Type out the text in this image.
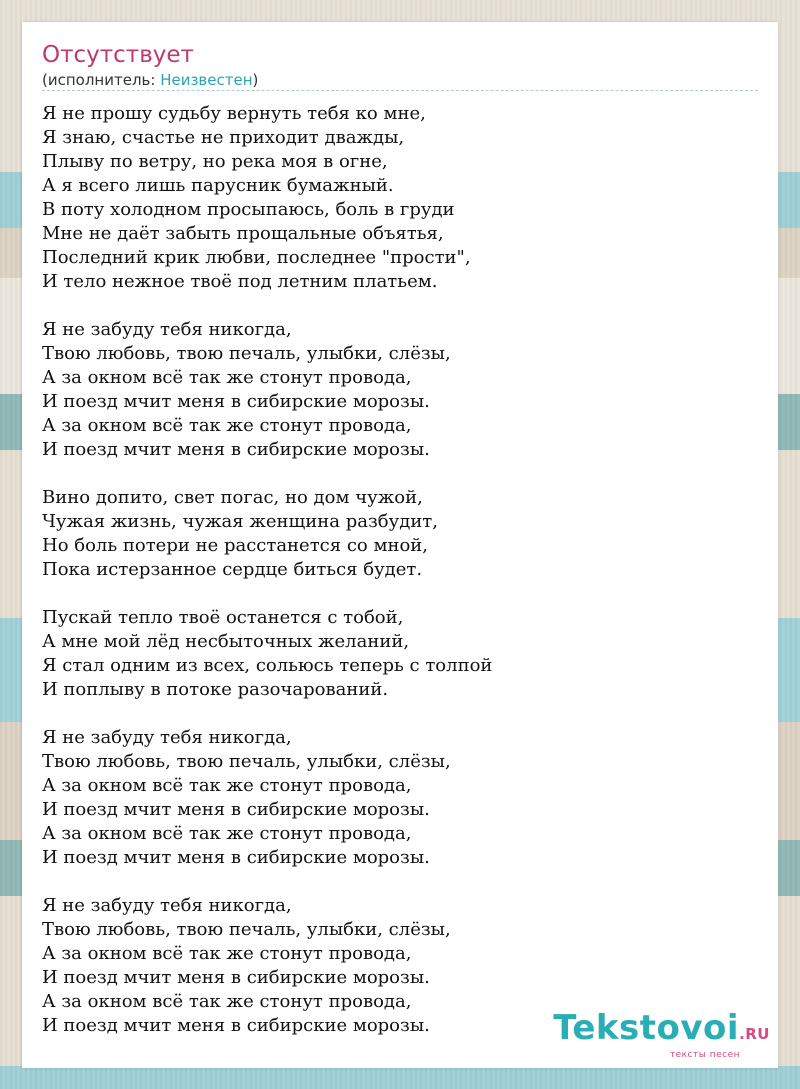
Отсутствует
(исполнитель: Неизвестен)
Я не прошу судьбу вернуть тебя ко мне,
Я знаю, счастье не приходит дважды,
Плыву по ветру, но река моя в огне,
А я всего лишь парусник бумажный.
В поту холодном просыпаюсь, боль в груди
Мне не даёт забыть прощальные объятья,
Последний крик любви, последнее "прости",
И тело нежное твоё под летним платьем.
Я не забуду тебя никогда,
Твою любовь, твою печаль, улыбки, слёзы,
А за окном всё так же стонут провода,
И поезд мчит меня в сибирские морозы.
А за окном всё так же стонут провода,
И поезд мчит меня в сибирские морозы.
Вино допито, свет погас, но дом чужой,
Чужая жизнь, чужая женщина разбудит,
Но боль потери не расстанется со мной,
Пока истерзанное сердце биться будет.
Пускай тепло твоё останется с тобой,
А мне мой лёд несбыточных желаний,
Я стал одним из всех, сольюсь теперь с толпой
И поплыву в потоке разочарований.
Я не забуду тебя никогда,
Твою любовь, твою печаль, улыбки, слёзы,
А за окном всё так же стонут провода,
И поезд мчит меня в сибирские морозы.
А за окном всё так же стонут провода,
И поезд мчит меня в сибирские морозы.
Я не забуду тебя никогда,
Твою любовь, твою печаль, улыбки, слёзы,
А за окном всё так же стонут провода,
И поезд мчит меня в сибирские морозы.
А за окном всё так же стонут провода,
И поезд мчит меня в сибирские морозы.	Tekstovoi.RU
тексты песен
